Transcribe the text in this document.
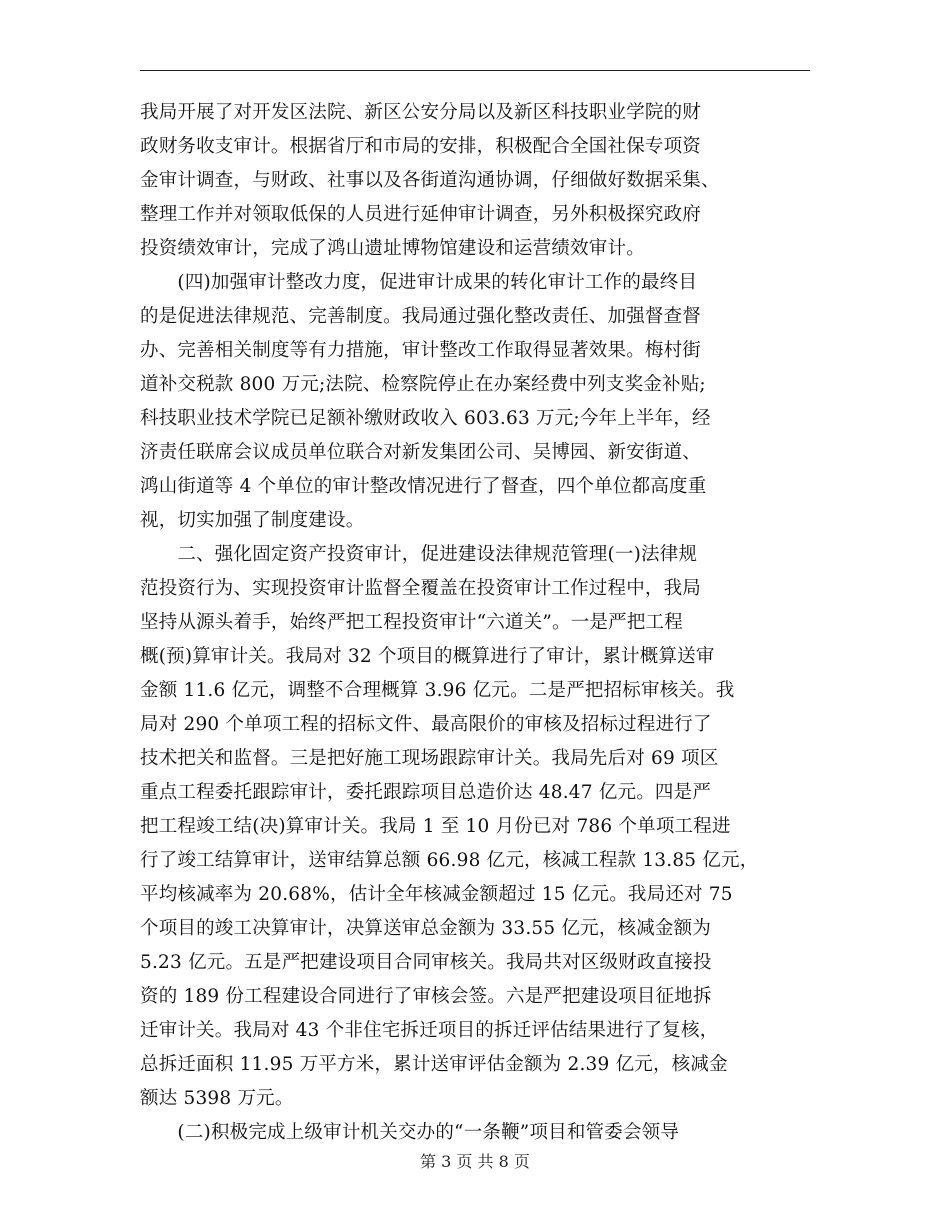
我局开展了对开发区法院、新区公安分局以及新区科技职业学院的财
政财务收支审计。根据省厅和市局的安排，积极配合全国社保专项资
金审计调查，与财政、社事以及各街道沟通协调，仔细做好数据采集、
整理工作并对领取低保的人员进行延伸审计调查，另外积极探究政府
投资绩效审计，完成了鸿山遗址博物馆建设和运营绩效审计。
　　(四)加强审计整改力度，促进审计成果的转化审计工作的最终目
的是促进法律规范、完善制度。我局通过强化整改责任、加强督查督
办、完善相关制度等有力措施，审计整改工作取得显著效果。梅村街
道补交税款 800 万元;法院、检察院停止在办案经费中列支奖金补贴;
科技职业技术学院已足额补缴财政收入 603.63 万元;今年上半年，经
济责任联席会议成员单位联合对新发集团公司、吴博园、新安街道、
鸿山街道等 4 个单位的审计整改情况进行了督查，四个单位都高度重
视，切实加强了制度建设。
　　二、强化固定资产投资审计，促进建设法律规范管理(一)法律规
范投资行为、实现投资审计监督全覆盖在投资审计工作过程中，我局
坚持从源头着手，始终严把工程投资审计“六道关”。一是严把工程
概(预)算审计关。我局对 32 个项目的概算进行了审计，累计概算送审
金额 11.6 亿元，调整不合理概算 3.96 亿元。二是严把招标审核关。我
局对 290 个单项工程的招标文件、最高限价的审核及招标过程进行了
技术把关和监督。三是把好施工现场跟踪审计关。我局先后对 69 项区
重点工程委托跟踪审计，委托跟踪项目总造价达 48.47 亿元。四是严
把工程竣工结(决)算审计关。我局 1 至 10 月份已对 786 个单项工程进
行了竣工结算审计，送审结算总额 66.98 亿元，核减工程款 13.85 亿元，
平均核减率为 20.68%，估计全年核减金额超过 15 亿元。我局还对 75
个项目的竣工决算审计，决算送审总金额为 33.55 亿元，核减金额为
5.23 亿元。五是严把建设项目合同审核关。我局共对区级财政直接投
资的 189 份工程建设合同进行了审核会签。六是严把建设项目征地拆
迁审计关。我局对 43 个非住宅拆迁项目的拆迁评估结果进行了复核，
总拆迁面积 11.95 万平方米，累计送审评估金额为 2.39 亿元，核减金
额达 5398 万元。
　　(二)积极完成上级审计机关交办的“一条鞭”项目和管委会领导
第 3 页 共 8 页
